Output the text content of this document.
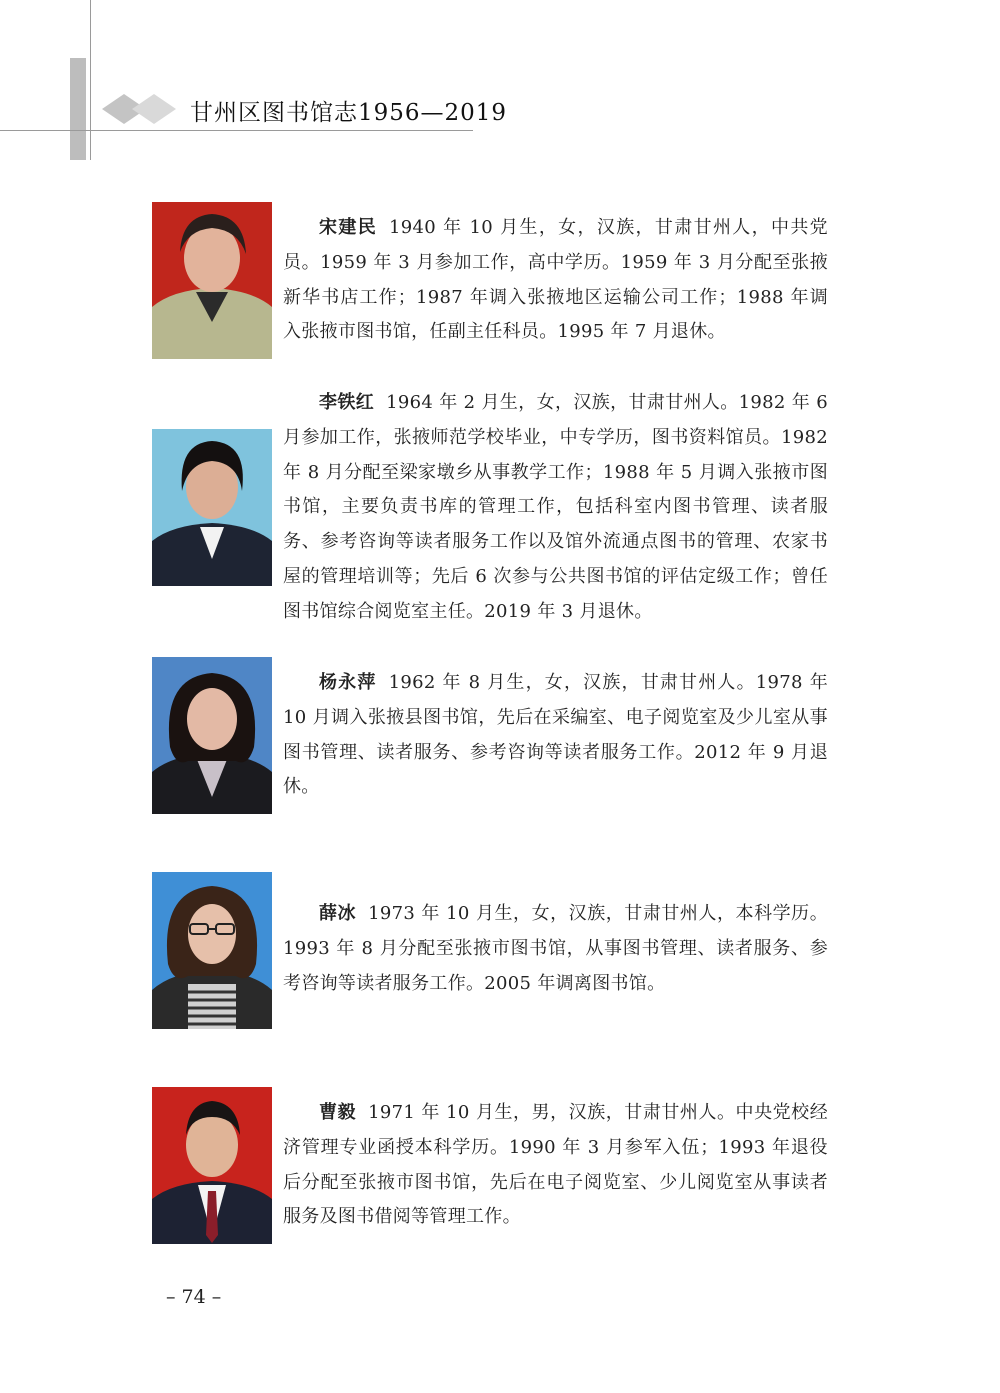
甘州区图书馆志1956—2019
宋建民 1940 年 10 月生，女，汉族，甘肃甘州人，中共党员。1959 年 3 月参加工作，高中学历。1959 年 3 月分配至张掖新华书店工作；1987 年调入张掖地区运输公司工作；1988 年调入张掖市图书馆，任副主任科员。1995 年 7 月退休。
李铁红 1964 年 2 月生，女，汉族，甘肃甘州人。1982 年 6 月参加工作，张掖师范学校毕业，中专学历，图书资料馆员。1982 年 8 月分配至梁家墩乡从事教学工作；1988 年 5 月调入张掖市图书馆，主要负责书库的管理工作，包括科室内图书管理、读者服务、参考咨询等读者服务工作以及馆外流通点图书的管理、农家书屋的管理培训等；先后 6 次参与公共图书馆的评估定级工作；曾任图书馆综合阅览室主任。2019 年 3 月退休。
杨永萍 1962 年 8 月生，女，汉族，甘肃甘州人。1978 年 10 月调入张掖县图书馆，先后在采编室、电子阅览室及少儿室从事图书管理、读者服务、参考咨询等读者服务工作。2012 年 9 月退休。
薛冰 1973 年 10 月生，女，汉族，甘肃甘州人，本科学历。1993 年 8 月分配至张掖市图书馆，从事图书管理、读者服务、参考咨询等读者服务工作。2005 年调离图书馆。
曹毅 1971 年 10 月生，男，汉族，甘肃甘州人。中央党校经济管理专业函授本科学历。1990 年 3 月参军入伍；1993 年退役后分配至张掖市图书馆，先后在电子阅览室、少儿阅览室从事读者服务及图书借阅等管理工作。
– 74 –
